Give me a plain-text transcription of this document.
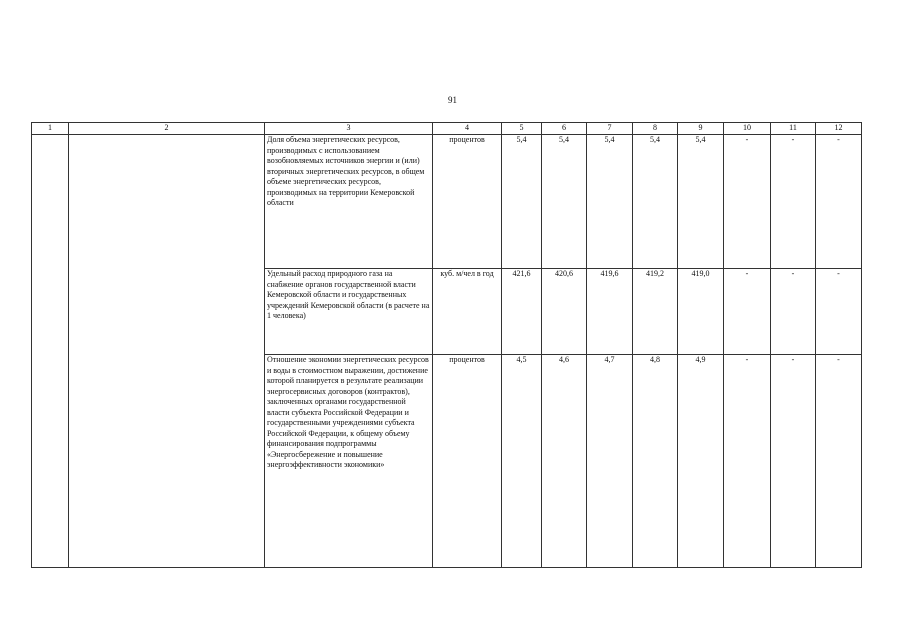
91
1	2	3	4	5	6	7	8	9	10	11	12
		Доля объема энергетических ресурсов, производимых с использованием возобновляемых источников энергии и (или) вторичных энергетических ресурсов, в общем объеме энергетических ресурсов, производимых на территории Кемеровской области	процентов	5,4	5,4	5,4	5,4	5,4	-	-	-
		Удельный расход природного газа на снабжение органов государственной власти Кемеровской области и государственных учреждений Кемеровской области (в расчете на 1 человека)	куб. м/чел в год	421,6	420,6	419,6	419,2	419,0	-	-	-
		Отношение экономии энергетических ресурсов и воды в стоимостном выражении, достижение которой планируется в результате реализации энергосервисных договоров (контрактов), заключенных органами государственной власти субъекта Российской Федерации и государственными учреждениями субъекта Российской Федерации, к общему объему финансирования подпрограммы «Энергосбережение и повышение энергоэффективности экономики»	процентов	4,5	4,6	4,7	4,8	4,9	-	-	-
